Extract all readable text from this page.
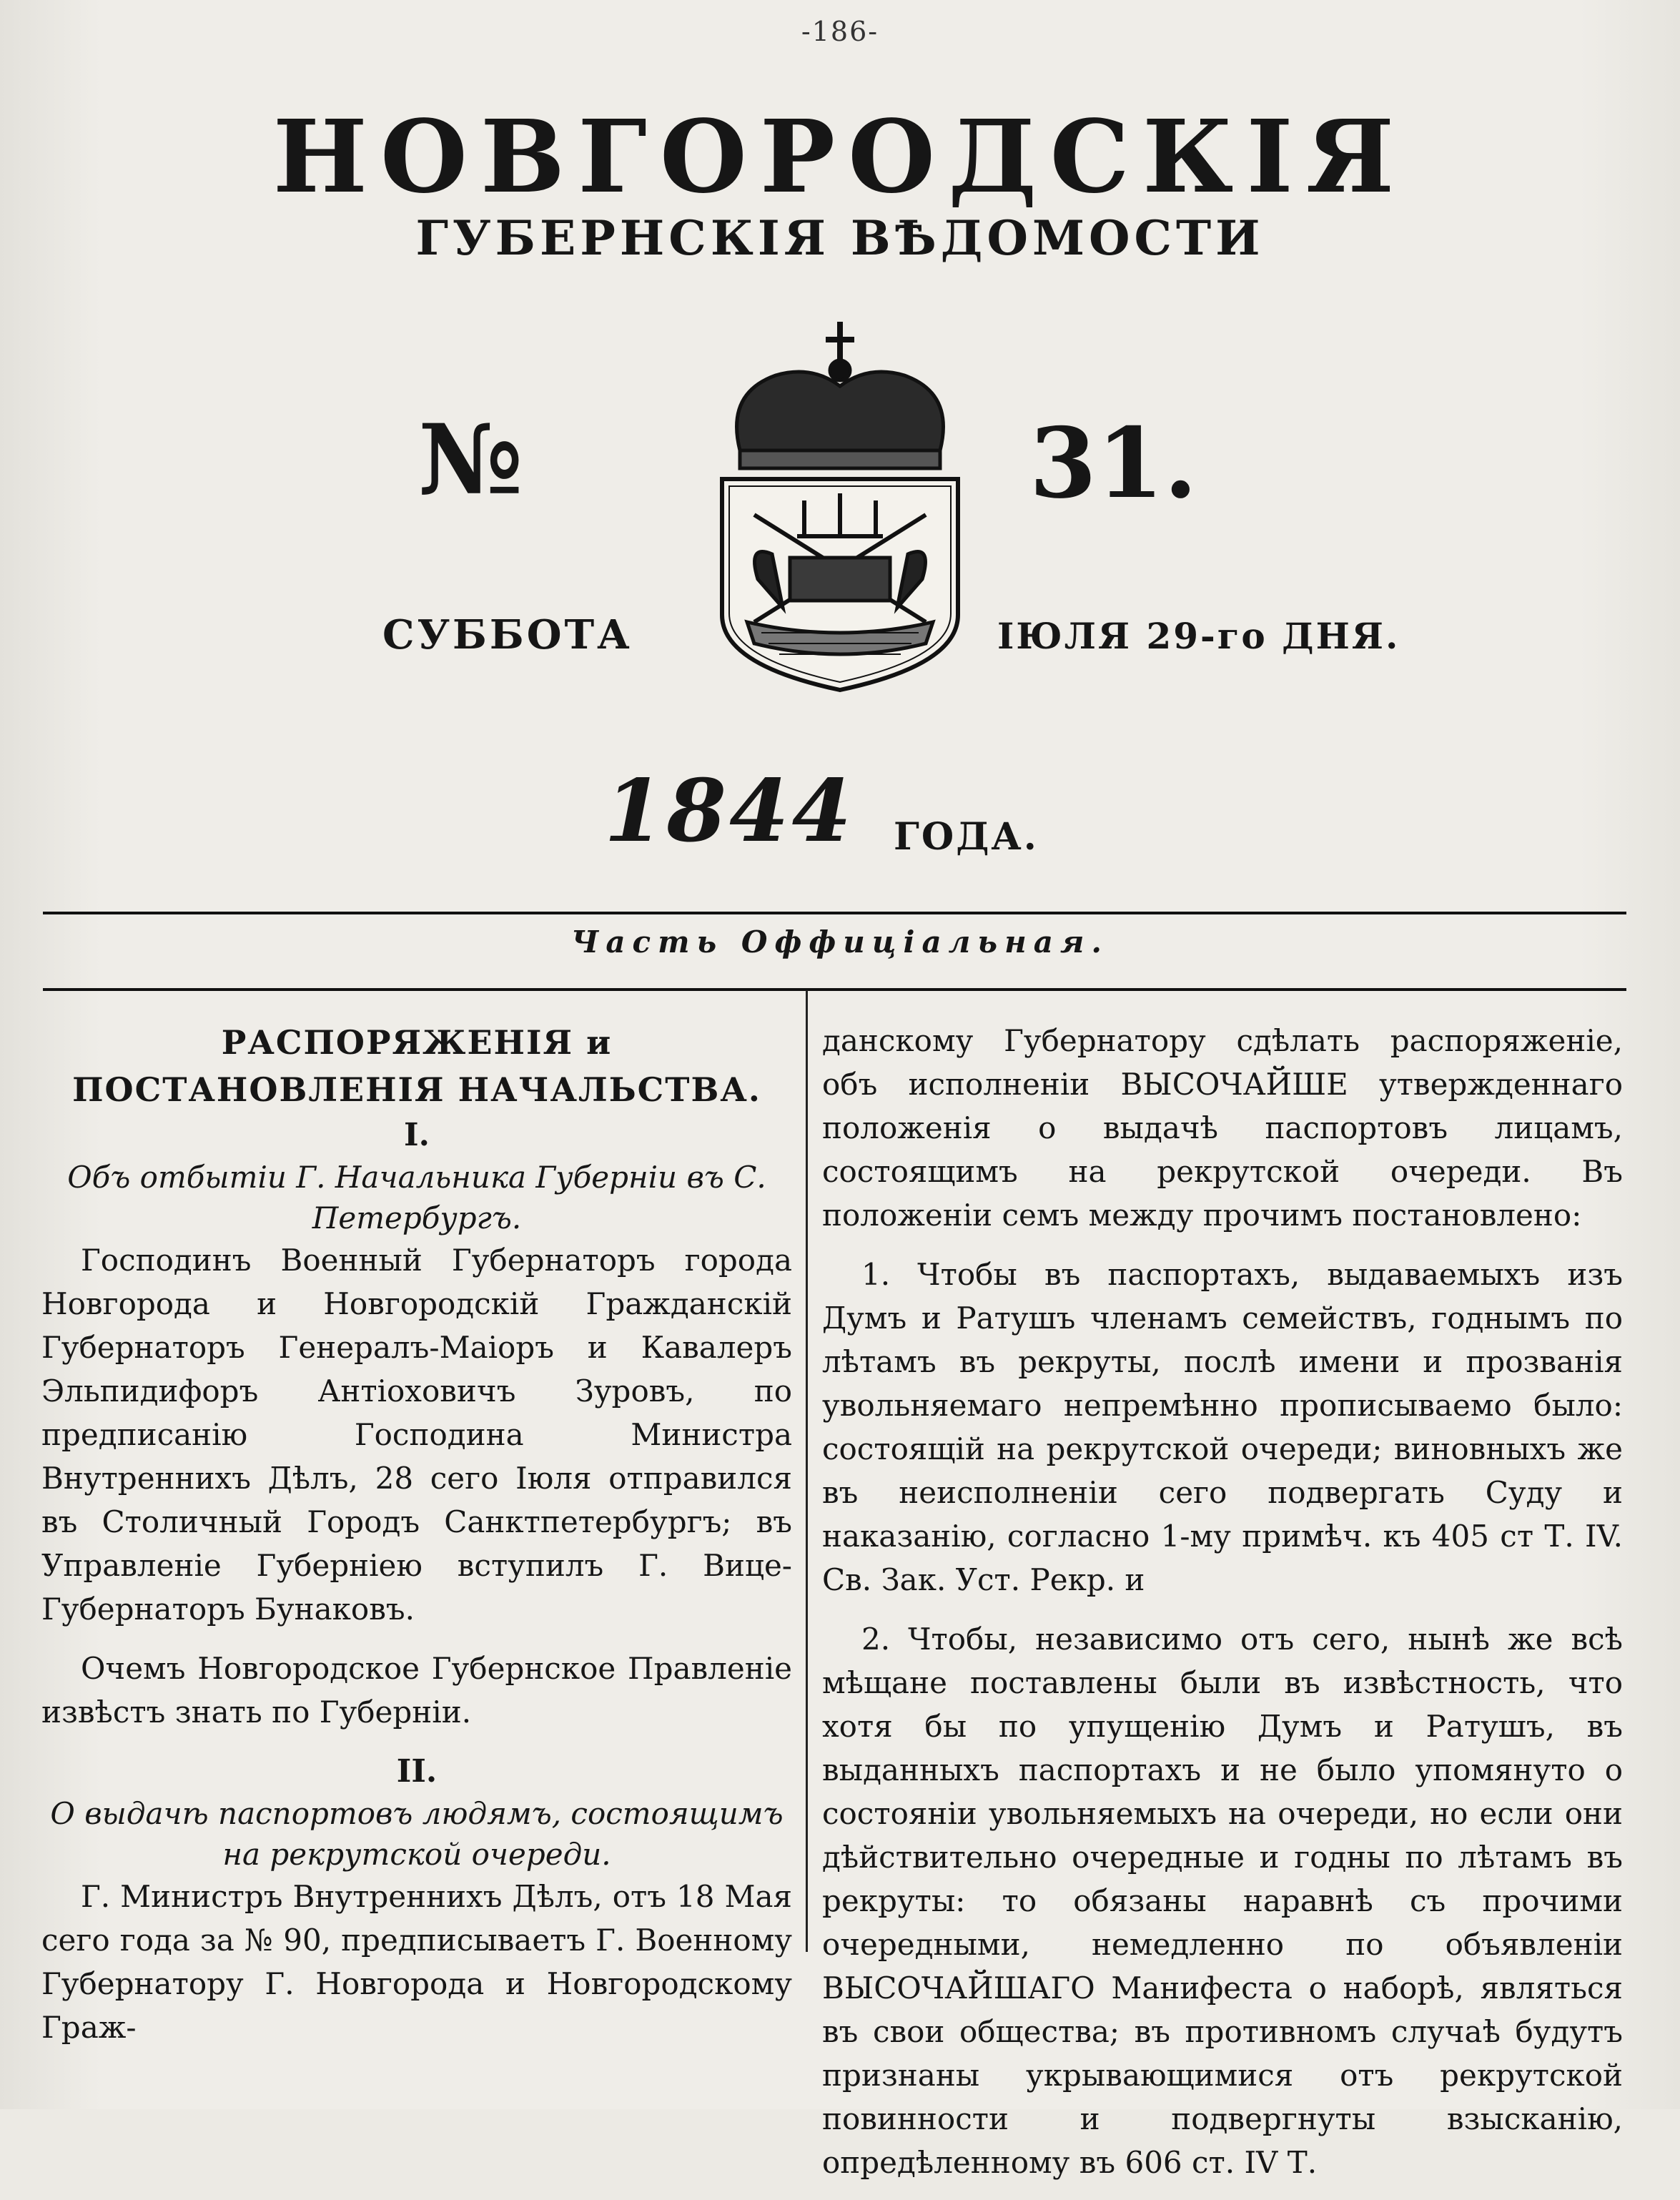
-186-
НОВГОРОДСКІЯ
ГУБЕРНСКІЯ ВѢДОМОСТИ
№	31.
СУББОТА	ІЮЛЯ 29-го ДНЯ.
1844 ГОДА.
Часть Оффиціальная.

РАСПОРЯЖЕНІЯ и ПОСТАНОВЛЕНІЯ НАЧАЛЬСТВА.

I.

Объ отбытіи Г. Начальника Губерніи въ С. Петербургъ.

Господинъ Военный Губернаторъ города Новгорода и Новгородскій Гражданскій Губернаторъ Генералъ-Маіоръ и Кавалеръ Эльпидифоръ Антіоховичъ Зуровъ, по предписанію Господина Министра Внутреннихъ Дѣлъ, 28 сего Іюля отправился въ Столичный Городъ Санктпетербургъ; въ Управленіе Губерніею вступилъ Г. Вице-Губернаторъ Бунаковъ.

Очемъ Новгородское Губернское Правленіе извѣстъ знать по Губерніи.

II.

О выдачѣ паспортовъ людямъ, состоящимъ на рекрутской очереди.

Г. Министръ Внутреннихъ Дѣлъ, отъ 18 Мая сего года за № 90, предписываетъ Г. Военному Губернатору Г. Новгорода и Новгородскому Граж-

данскому Губернатору сдѣлать распоряженіе, объ исполненіи ВЫСОЧАЙШЕ утвержденнаго положенія о выдачѣ паспортовъ лицамъ, состоящимъ на рекрутской очереди. Въ положеніи семъ между прочимъ постановлено:

1. Чтобы въ паспортахъ, выдаваемыхъ изъ Думъ и Ратушъ членамъ семействъ, годнымъ по лѣтамъ въ рекруты, послѣ имени и прозванія увольняемаго непремѣнно прописываемо было: состоящій на рекрутской очереди; виновныхъ же въ неисполненіи сего подвергать Суду и наказанію, согласно 1-му примѣч. къ 405 ст Т. IV. Св. Зак. Уст. Рекр. и

2. Чтобы, независимо отъ сего, нынѣ же всѣ мѣщане поставлены были въ извѣстность, что хотя бы по упущенію Думъ и Ратушъ, въ выданныхъ паспортахъ и не было упомянуто о состояніи увольняемыхъ на очереди, но если они дѣйствительно очередные и годны по лѣтамъ въ рекруты: то обязаны наравнѣ съ прочими очередными, немедленно по объявленіи ВЫСОЧАЙШАГО Манифеста о наборѣ, являться въ свои общества; въ противномъ случаѣ будутъ признаны укрывающимися отъ рекрутской повинности и подвергнуты взысканію, опредѣленному въ 606 ст. IV Т.
